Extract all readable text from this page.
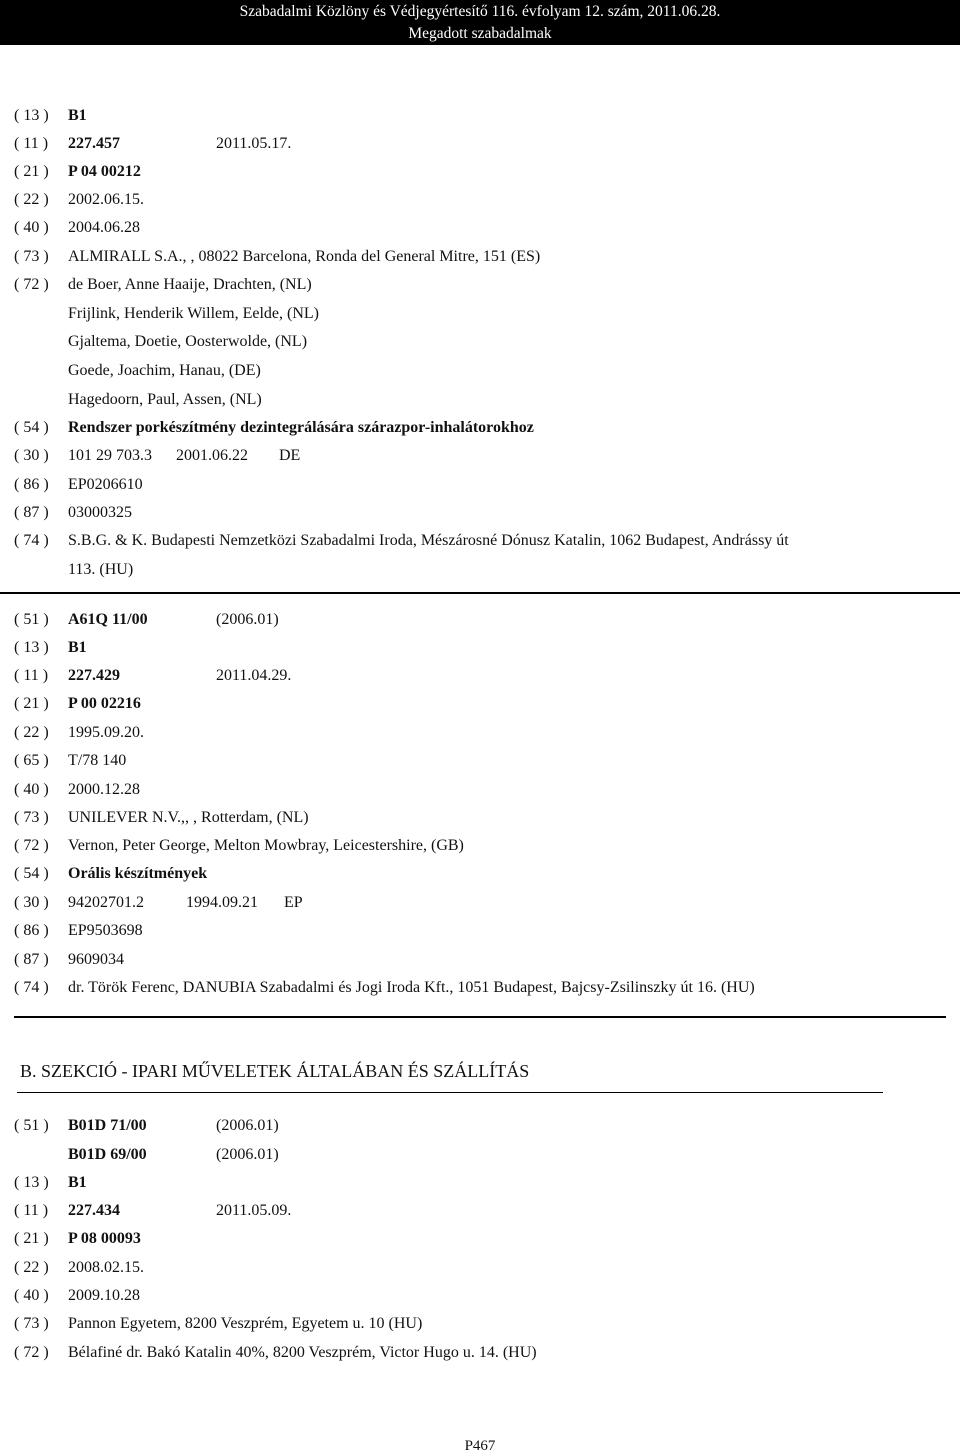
Szabadalmi Közlöny és Védjegyértesítő 116. évfolyam 12. szám, 2011.06.28.
Megadott szabadalmak
( 13 )	B1
( 11 )	227.457	2011.05.17.
( 21 )	P 04 00212
( 22 )	2002.06.15.
( 40 )	2004.06.28
( 73 )	ALMIRALL S.A., , 08022 Barcelona, Ronda del General Mitre, 151 (ES)
( 72 )	de Boer, Anne Haaije, Drachten, (NL)
Frijlink, Henderik Willem, Eelde, (NL)
Gjaltema, Doetie, Oosterwolde, (NL)
Goede, Joachim, Hanau, (DE)
Hagedoorn, Paul, Assen, (NL)
( 54 )	Rendszer porkészítmény dezintegrálására szárazpor-inhalátorokhoz
( 30 )	101 29 703.3 2001.06.22 DE
( 86 )	EP0206610
( 87 )	03000325
( 74 )	S.B.G. & K. Budapesti Nemzetközi Szabadalmi Iroda, Mészárosné Dónusz Katalin, 1062 Budapest, Andrássy út
113. (HU)
( 51 )	A61Q 11/00	(2006.01)
( 13 )	B1
( 11 )	227.429	2011.04.29.
( 21 )	P 00 02216
( 22 )	1995.09.20.
( 65 )	T/78 140
( 40 )	2000.12.28
( 73 )	UNILEVER N.V.,, , Rotterdam, (NL)
( 72 )	Vernon, Peter George, Melton Mowbray, Leicestershire, (GB)
( 54 )	Orális készítmények
( 30 )	94202701.2	1994.09.21 EP
( 86 )	EP9503698
( 87 )	9609034
( 74 )	dr. Török Ferenc, DANUBIA Szabadalmi és Jogi Iroda Kft., 1051 Budapest, Bajcsy-Zsilinszky út 16. (HU)
B. SZEKCIÓ - IPARI MŰVELETEK ÁLTALÁBAN ÉS SZÁLLÍTÁS
( 51 )	B01D 71/00	(2006.01)
B01D 69/00	(2006.01)
( 13 )	B1
( 11 )	227.434	2011.05.09.
( 21 )	P 08 00093
( 22 )	2008.02.15.
( 40 )	2009.10.28
( 73 )	Pannon Egyetem, 8200 Veszprém, Egyetem u. 10 (HU)
( 72 )	Bélafiné dr. Bakó Katalin 40%, 8200 Veszprém, Victor Hugo u. 14. (HU)
P467
